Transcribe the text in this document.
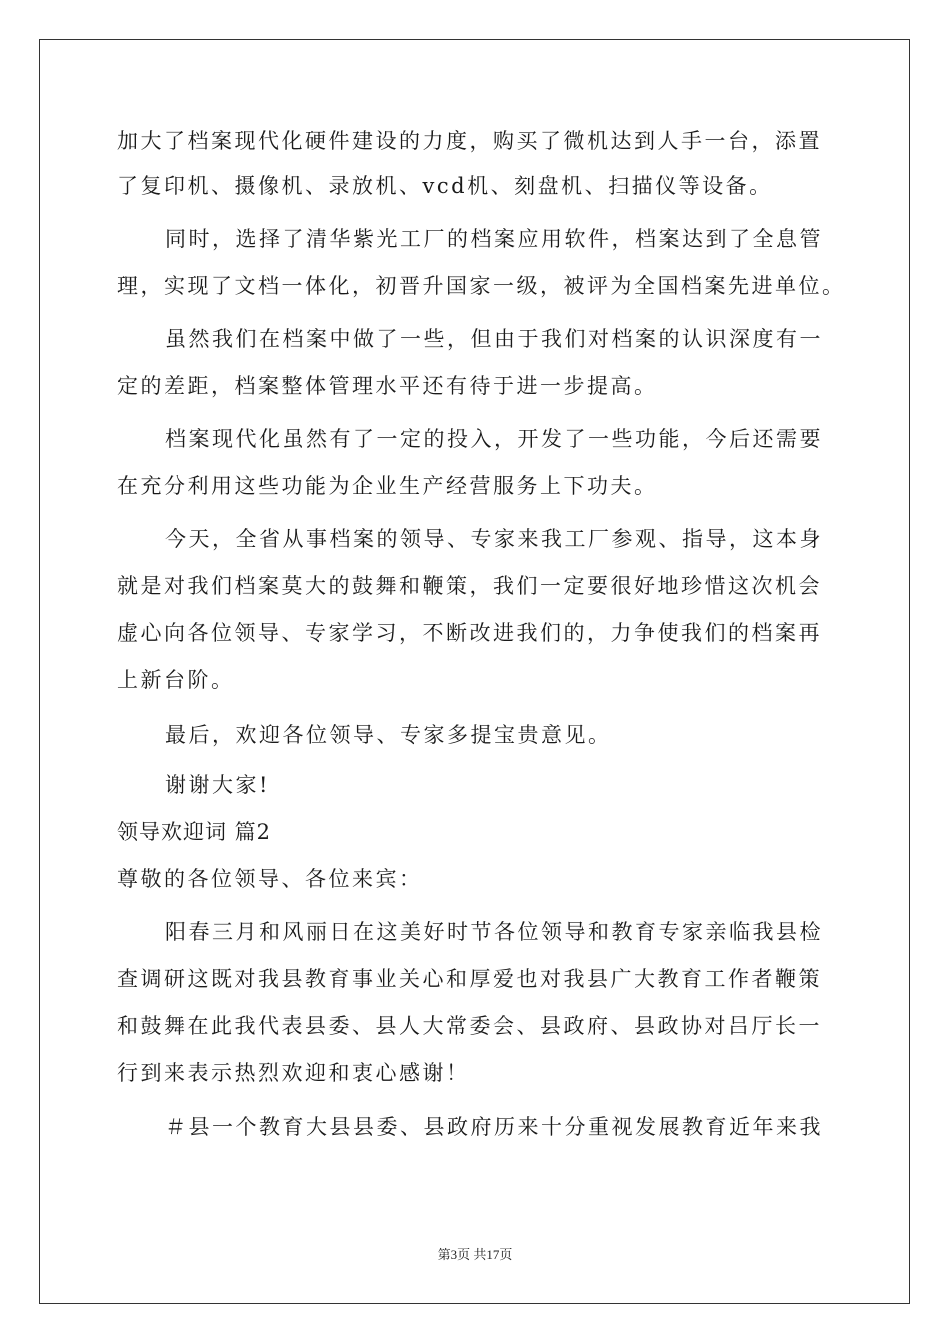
加大了档案现代化硬件建设的力度，购买了微机达到人手一台，添置
了复印机、摄像机、录放机、vcd机、刻盘机、扫描仪等设备。
同时，选择了清华紫光工厂的档案应用软件，档案达到了全息管
理，实现了文档一体化，初晋升国家一级，被评为全国档案先进单位。
虽然我们在档案中做了一些，但由于我们对档案的认识深度有一
定的差距，档案整体管理水平还有待于进一步提高。
档案现代化虽然有了一定的投入，开发了一些功能，今后还需要
在充分利用这些功能为企业生产经营服务上下功夫。
今天，全省从事档案的领导、专家来我工厂参观、指导，这本身
就是对我们档案莫大的鼓舞和鞭策，我们一定要很好地珍惜这次机会
虚心向各位领导、专家学习，不断改进我们的，力争使我们的档案再
上新台阶。
最后，欢迎各位领导、专家多提宝贵意见。
谢谢大家!
领导欢迎词 篇2
尊敬的各位领导、各位来宾：
阳春三月和风丽日在这美好时节各位领导和教育专家亲临我县检
查调研这既对我县教育事业关心和厚爱也对我县广大教育工作者鞭策
和鼓舞在此我代表县委、县人大常委会、县政府、县政协对吕厅长一
行到来表示热烈欢迎和衷心感谢！
＃县一个教育大县县委、县政府历来十分重视发展教育近年来我
第3页 共17页
